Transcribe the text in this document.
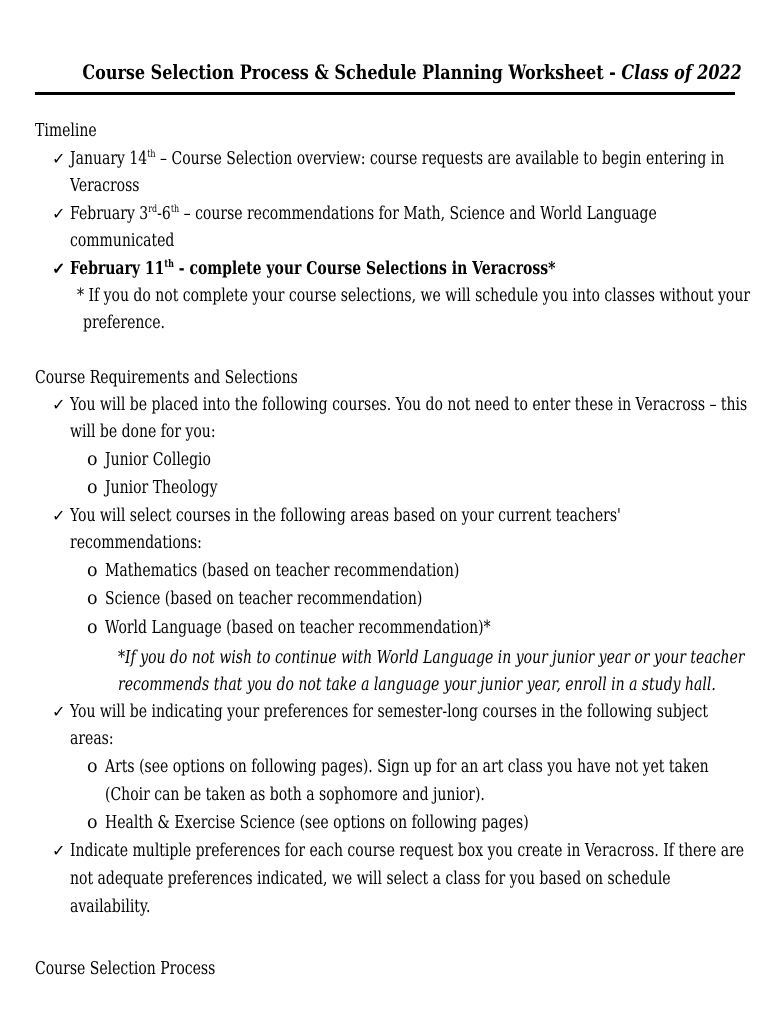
Course Selection Process & Schedule Planning Worksheet - Class of 2022
Timeline
✓ January 14th – Course Selection overview: course requests are available to begin entering in
Veracross
✓ February 3rd-6th – course recommendations for Math, Science and World Language
communicated
✓ February 11th - complete your Course Selections in Veracross*
* If you do not complete your course selections, we will schedule you into classes without your
preference.
Course Requirements and Selections
✓ You will be placed into the following courses. You do not need to enter these in Veracross – this
will be done for you:
o Junior Collegio
o Junior Theology
✓ You will select courses in the following areas based on your current teachers'
recommendations:
o Mathematics (based on teacher recommendation)
o Science (based on teacher recommendation)
o World Language (based on teacher recommendation)*
*If you do not wish to continue with World Language in your junior year or your teacher
recommends that you do not take a language your junior year, enroll in a study hall.
✓ You will be indicating your preferences for semester-long courses in the following subject
areas:
o Arts (see options on following pages). Sign up for an art class you have not yet taken
(Choir can be taken as both a sophomore and junior).
o Health & Exercise Science (see options on following pages)
✓ Indicate multiple preferences for each course request box you create in Veracross. If there are
not adequate preferences indicated, we will select a class for you based on schedule
availability.
Course Selection Process
